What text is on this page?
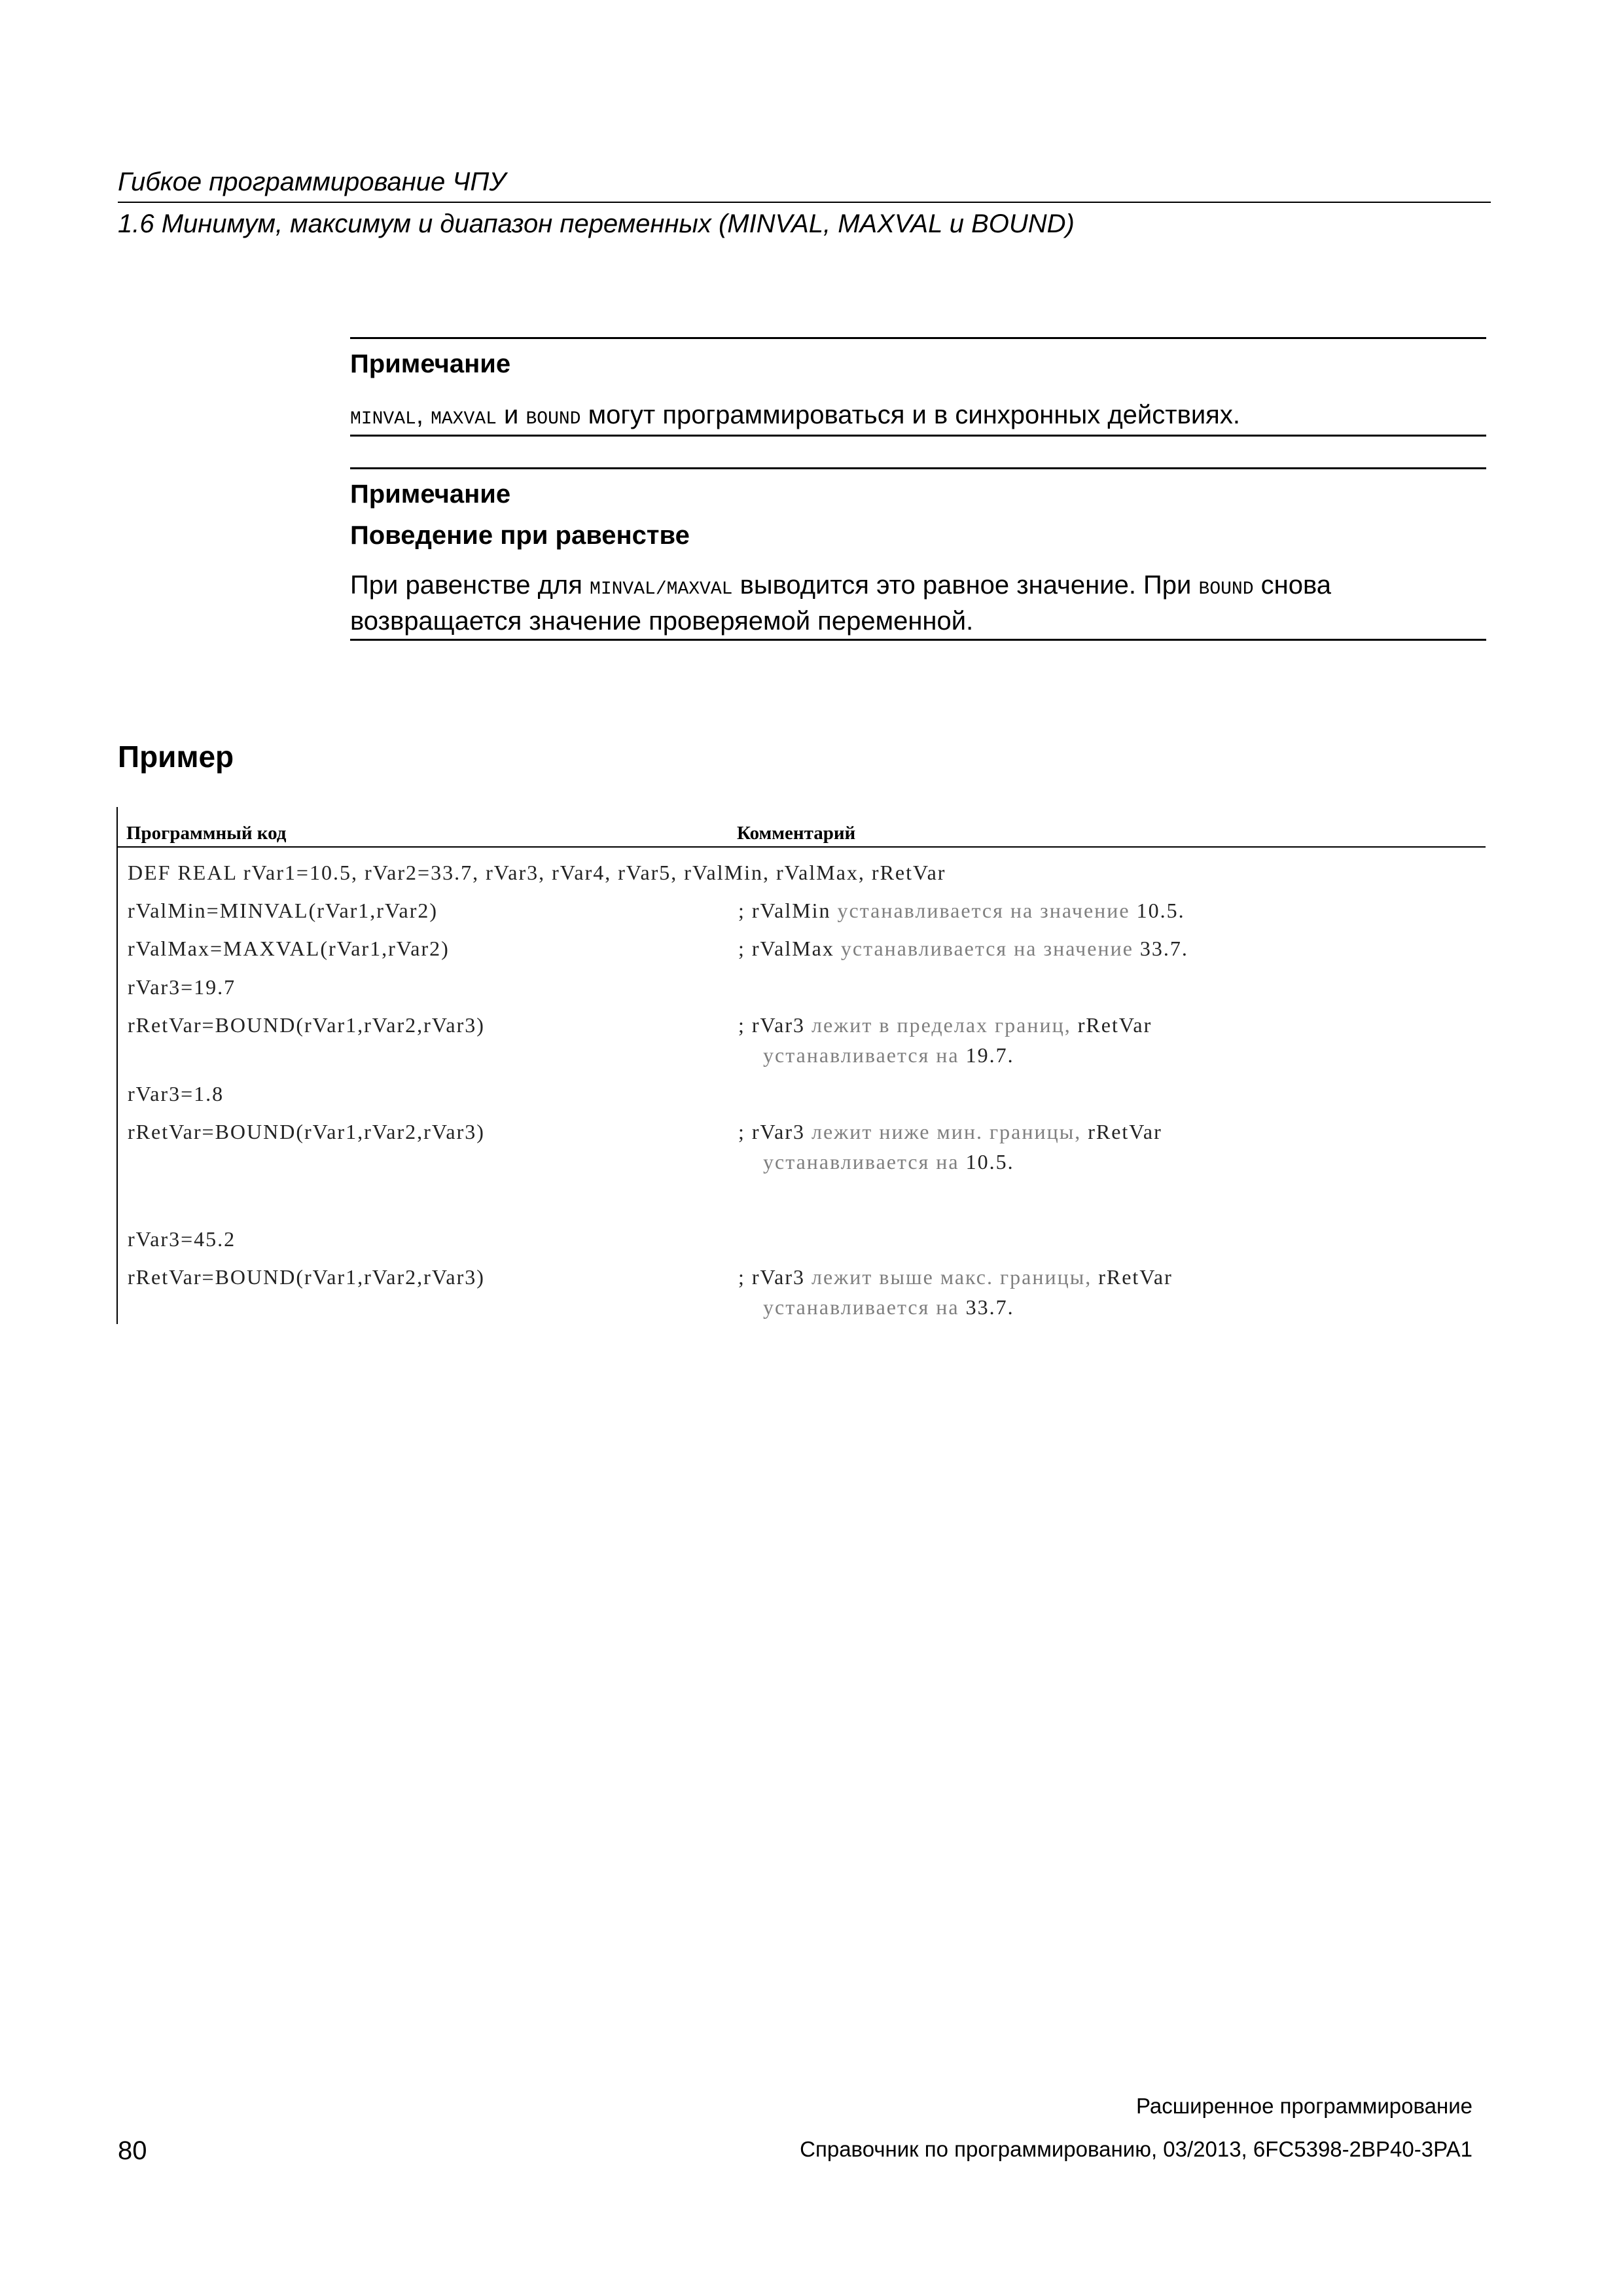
Гибкое программирование ЧПУ
1.6 Минимум, максимум и диапазон переменных (MINVAL, MAXVAL и BOUND)
Примечание
MINVAL, MAXVAL и BOUND могут программироваться и в синхронных действиях.
Примечание
Поведение при равенстве
При равенстве для MINVAL/MAXVAL выводится это равное значение. При BOUND снова
возвращается значение проверяемой переменной.
Пример
Программный код	Комментарий
DEF REAL rVar1=10.5, rVar2=33.7, rVar3, rVar4, rVar5, rValMin, rValMax, rRetVar
rValMin=MINVAL(rVar1,rVar2)
rValMax=MAXVAL(rVar1,rVar2)
rVar3=19.7
rRetVar=BOUND(rVar1,rVar2,rVar3)
rVar3=1.8
rRetVar=BOUND(rVar1,rVar2,rVar3)
rVar3=45.2
rRetVar=BOUND(rVar1,rVar2,rVar3)
; rValMin устанавливается на значение 10.5.
; rValMax устанавливается на значение 33.7.
; rVar3 лежит в пределах границ, rRetVar
устанавливается на 19.7.
; rVar3 лежит ниже мин. границы, rRetVar
устанавливается на 10.5.
; rVar3 лежит выше макс. границы, rRetVar
устанавливается на 33.7.
Расширенное программирование
Справочник по программированию, 03/2013, 6FC5398-2BP40-3PA1
80
